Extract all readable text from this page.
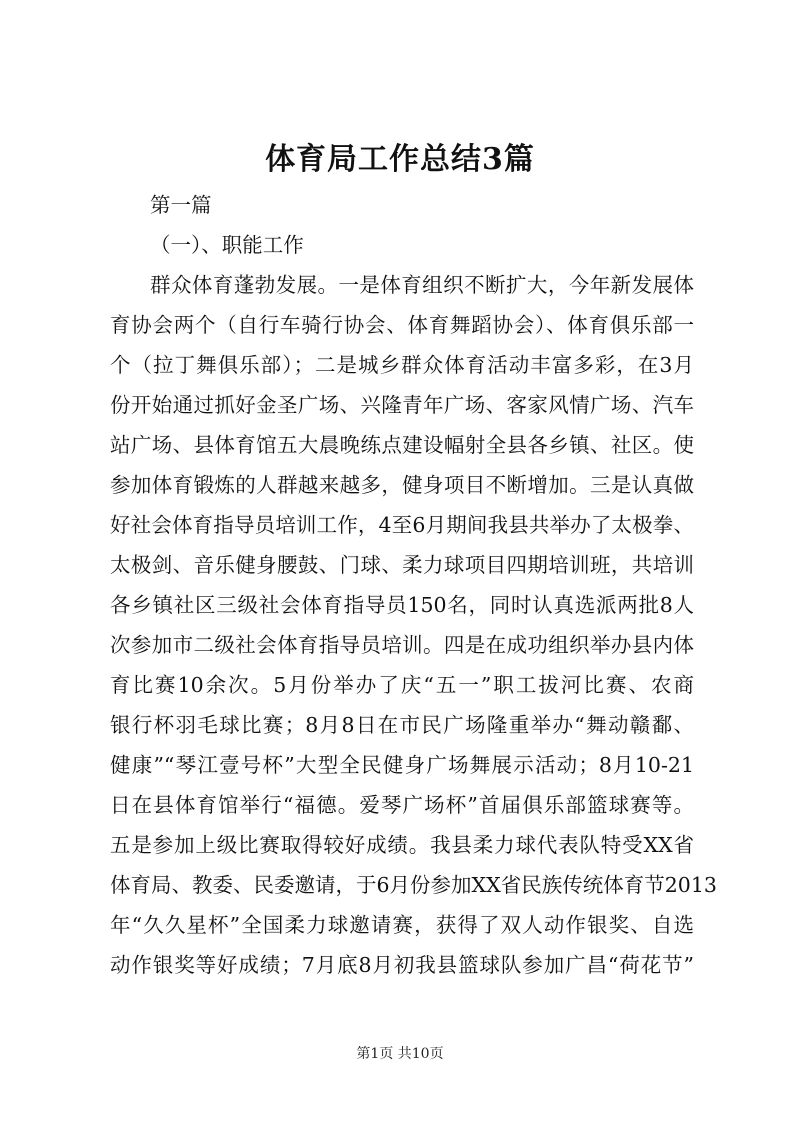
体育局工作总结3篇

第一篇

（一）、职能工作

群众体育蓬勃发展。一是体育组织不断扩大，今年新发展体

育协会两个（自行车骑行协会、体育舞蹈协会）、体育俱乐部一

个（拉丁舞俱乐部）；二是城乡群众体育活动丰富多彩，在3月

份开始通过抓好金圣广场、兴隆青年广场、客家风情广场、汽车

站广场、县体育馆五大晨晚练点建设幅射全县各乡镇、社区。使

参加体育锻炼的人群越来越多，健身项目不断增加。三是认真做

好社会体育指导员培训工作，4至6月期间我县共举办了太极拳、

太极剑、音乐健身腰鼓、门球、柔力球项目四期培训班，共培训

各乡镇社区三级社会体育指导员150名，同时认真选派两批8人

次参加市二级社会体育指导员培训。四是在成功组织举办县内体

育比赛10余次。5月份举办了庆“五一”职工拔河比赛、农商

银行杯羽毛球比赛；8月8日在市民广场隆重举办“舞动赣鄱、

健康”“琴江壹号杯”大型全民健身广场舞展示活动；8月10-21

日在县体育馆举行“福德。爱琴广场杯”首届俱乐部篮球赛等。

五是参加上级比赛取得较好成绩。我县柔力球代表队特受XX省

体育局、教委、民委邀请，于6月份参加XX省民族传统体育节2013

年“久久星杯”全国柔力球邀请赛，获得了双人动作银奖、自选

动作银奖等好成绩；7月底8月初我县篮球队参加广昌“荷花节”

第1页 共10页
